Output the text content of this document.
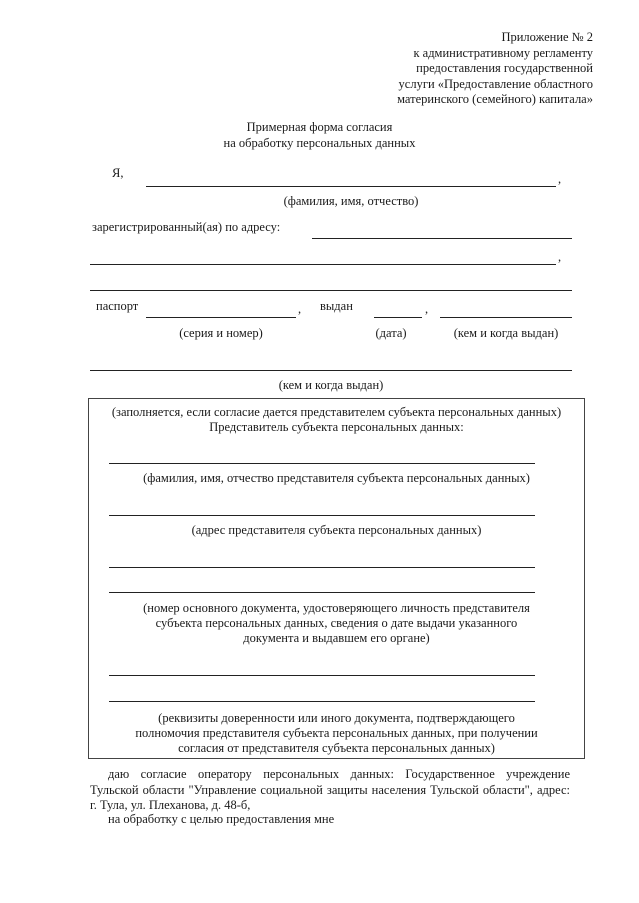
Приложение № 2
к административному регламенту
предоставления государственной
услуги «Предоставление областного
материнского (семейного) капитала»
Примерная форма согласия
на обработку персональных данных
Я,	,
(фамилия, имя, отчество)
зарегистрированный(ая) по адресу:
,
паспорт	, выдан	,
(серия и номер)	(дата)	(кем и когда выдан)
(кем и когда выдан)
(заполняется, если согласие дается представителем субъекта персональных данных)
Представитель субъекта персональных данных:
(фамилия, имя, отчество представителя субъекта персональных данных)
(адрес представителя субъекта персональных данных)
(номер основного документа, удостоверяющего личность представителя
субъекта персональных данных, сведения о дате выдачи указанного
документа и выдавшем его органе)
(реквизиты доверенности или иного документа, подтверждающего
полномочия представителя субъекта персональных данных, при получении
согласия от представителя субъекта персональных данных)
даю согласие оператору персональных данных: Государственное учреждение Тульской области "Управление социальной защиты населения Тульской области", адрес: г. Тула, ул. Плеханова, д. 48-б,
на обработку с целью предоставления мне
